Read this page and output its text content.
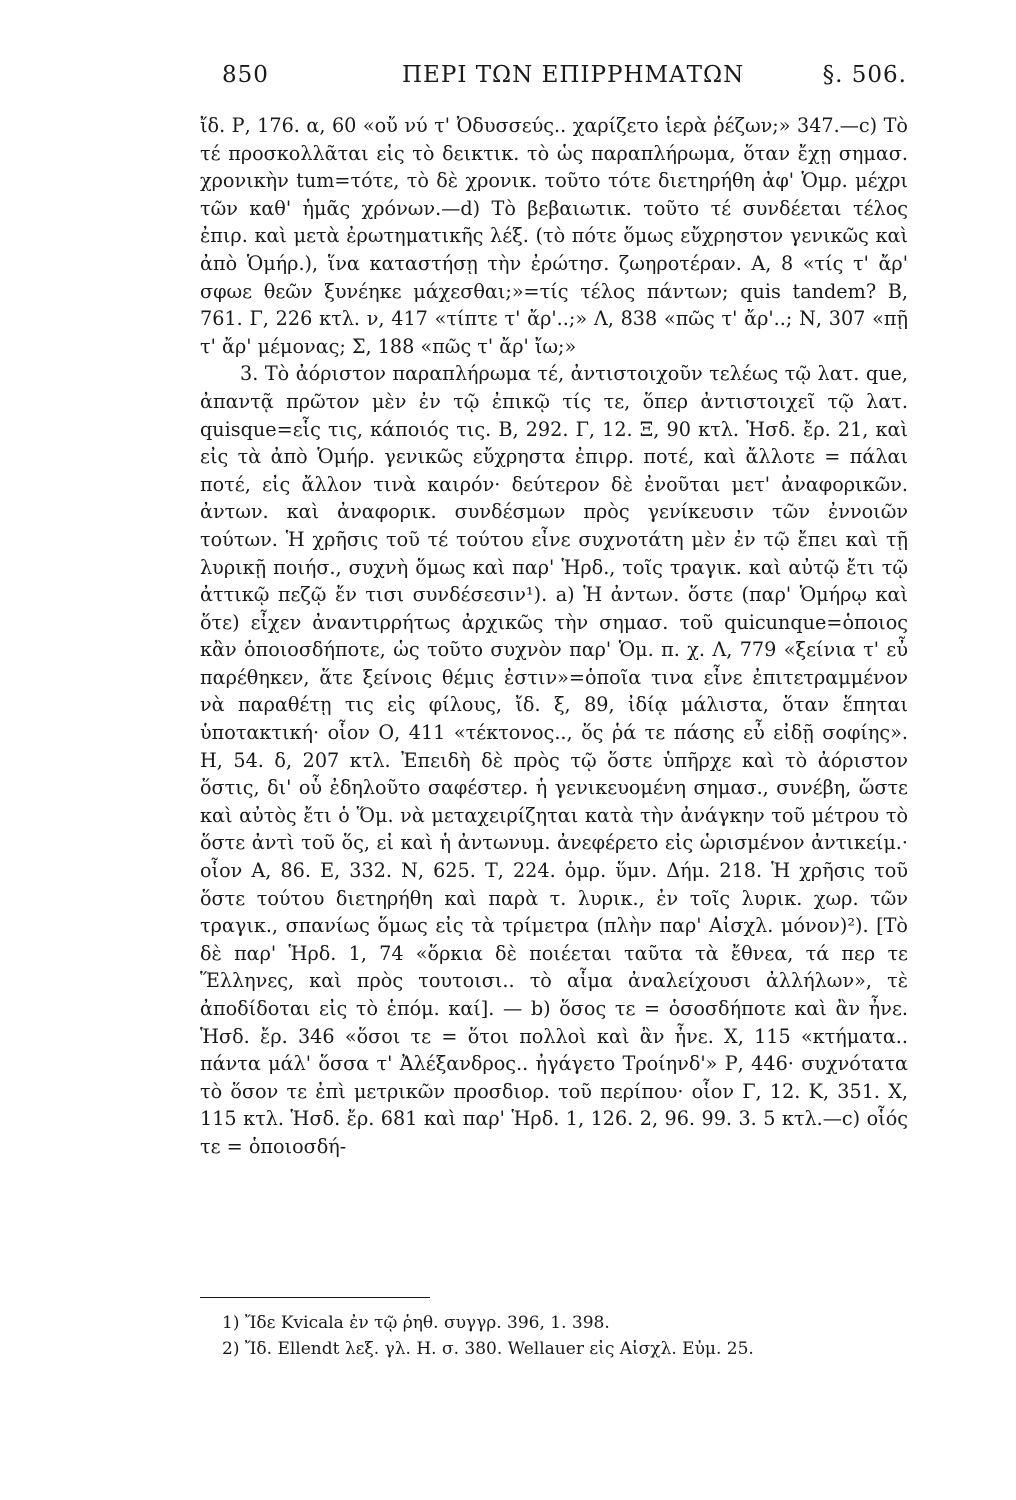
850	ΠΕΡΙ ΤΩΝ ΕΠΙΡΡΗΜΑΤΩΝ	§. 506.

ἴδ. Ρ, 176. α, 60 «οὔ νύ τ' Ὀδυσσεύς.. χαρίζετο ἱερὰ ῥέζων;» 347.—c) Τὸ τέ προσκολλᾶται εἰς τὸ δεικτικ. τὸ ὡς παραπλήρωμα, ὅταν ἔχῃ σημασ. χρονικὴν tum=τότε, τὸ δὲ χρονικ. τοῦτο τότε διετηρήθη ἀφ' Ὁμρ. μέχρι τῶν καθ' ἡμᾶς χρόνων.—d) Τὸ βεβαιωτικ. τοῦτο τέ συνδέεται τέλος ἐπιρ. καὶ μετὰ ἐρωτηματικῆς λέξ. (τὸ πότε ὅμως εὔχρηστον γενικῶς καὶ ἀπὸ Ὁμήρ.), ἵνα καταστήσῃ τὴν ἐρώτησ. ζωηροτέραν. Α, 8 «τίς τ' ἄρ' σφωε θεῶν ξυνέηκε μάχεσθαι;»=τίς τέλος πάντων; quis tandem? Β, 761. Γ, 226 κτλ. ν, 417 «τίπτε τ' ἄρ'..;» Λ, 838 «πῶς τ' ἄρ'..; Ν, 307 «πῇ τ' ἄρ' μέμονας; Σ, 188 «πῶς τ' ἄρ' ἴω;»

3. Τὸ ἀόριστον παραπλήρωμα τέ, ἀντιστοιχοῦν τελέως τῷ λατ. que, ἀπαντᾷ πρῶτον μὲν ἐν τῷ ἐπικῷ τίς τε, ὅπερ ἀντιστοιχεῖ τῷ λατ. quisque=εἷς τις, κάποιός τις. Β, 292. Γ, 12. Ξ, 90 κτλ. Ἡσδ. ἔρ. 21, καὶ εἰς τὰ ἀπὸ Ὁμήρ. γενικῶς εὔχρηστα ἐπιρρ. ποτέ, καὶ ἄλλοτε = πάλαι ποτέ, εἰς ἄλλον τινὰ καιρόν· δεύτερον δὲ ἐνοῦται μετ' ἀναφορικῶν. ἀντων. καὶ ἀναφορικ. συνδέσμων πρὸς γενίκευσιν τῶν ἐννοιῶν τούτων. Ἡ χρῆσις τοῦ τέ τούτου εἶνε συχνοτάτη μὲν ἐν τῷ ἔπει καὶ τῇ λυρικῇ ποιήσ., συχνὴ ὅμως καὶ παρ' Ἡρδ., τοῖς τραγικ. καὶ αὐτῷ ἔτι τῷ ἀττικῷ πεζῷ ἔν τισι συνδέσεσιν¹). a) Ἡ ἀντων. ὅστε (παρ' Ὁμήρῳ καὶ ὅτε) εἶχεν ἀναντιρρήτως ἀρχικῶς τὴν σημασ. τοῦ quicunque=ὁποιος κἂν ὁποιοσδήποτε, ὡς τοῦτο συχνὸν παρ' Ὁμ. π. χ. Λ, 779 «ξείνια τ' εὖ παρέθηκεν, ἅτε ξείνοις θέμις ἐστιν»=ὁποῖα τινα εἶνε ἐπιτετραμμένον νὰ παραθέτῃ τις εἰς φίλους, ἴδ. ξ, 89, ἰδίᾳ μάλιστα, ὅταν ἕπηται ὑποτακτική· οἷον Ο, 411 «τέκτονος.., ὅς ῥά τε πάσης εὖ εἰδῇ σοφίης». Η, 54. δ, 207 κτλ. Ἐπειδὴ δὲ πρὸς τῷ ὅστε ὑπῆρχε καὶ τὸ ἀόριστον ὅστις, δι' οὗ ἐδηλοῦτο σαφέστερ. ἡ γενικευομένη σημασ., συνέβη, ὥστε καὶ αὐτὸς ἔτι ὁ Ὅμ. νὰ μεταχειρίζηται κατὰ τὴν ἀνάγκην τοῦ μέτρου τὸ ὅστε ἀντὶ τοῦ ὅς, εἰ καὶ ἡ ἀντωνυμ. ἀνεφέρετο εἰς ὡρισμένον ἀντικείμ.· οἷον Α, 86. Ε, 332. Ν, 625. Τ, 224. ὁμρ. ὕμν. Δήμ. 218. Ἡ χρῆσις τοῦ ὅστε τούτου διετηρήθη καὶ παρὰ τ. λυρικ., ἐν τοῖς λυρικ. χωρ. τῶν τραγικ., σπανίως ὅμως εἰς τὰ τρίμετρα (πλὴν παρ' Αἰσχλ. μόνον)²). [Τὸ δὲ παρ' Ἡρδ. 1, 74 «ὅρκια δὲ ποιέεται ταῦτα τὰ ἔθνεα, τά περ τε Ἕλληνες, καὶ πρὸς τουτοισι.. τὸ αἷμα ἀναλείχουσι ἀλλήλων», τὲ ἀποδίδοται εἰς τὸ ἑπόμ. καί]. — b) ὅσος τε = ὁσοσδήποτε καὶ ἂν ἦνε. Ἡσδ. ἔρ. 346 «ὅσοι τε = ὅτοι πολλοὶ καὶ ἂν ἦνε. Χ, 115 «κτήματα.. πάντα μάλ' ὅσσα τ' Ἀλέξανδρος.. ἠγάγετο Τροίηνδ'» Ρ, 446· συχνότατα τὸ ὅσον τε ἐπὶ μετρικῶν προσδιορ. τοῦ περίπου· οἷον Γ, 12. Κ, 351. Χ, 115 κτλ. Ἡσδ. ἔρ. 681 καὶ παρ' Ἡρδ. 1, 126. 2, 96. 99. 3. 5 κτλ.—c) οἷός τε = ὁποιοσδή-

1) Ἴδε Kvicala ἐν τῷ ῥηθ. συγγρ. 396, 1. 398.

2) Ἴδ. Ellendt λεξ. γλ. Η. σ. 380. Wellauer εἰς Αἰσχλ. Εὐμ. 25.
